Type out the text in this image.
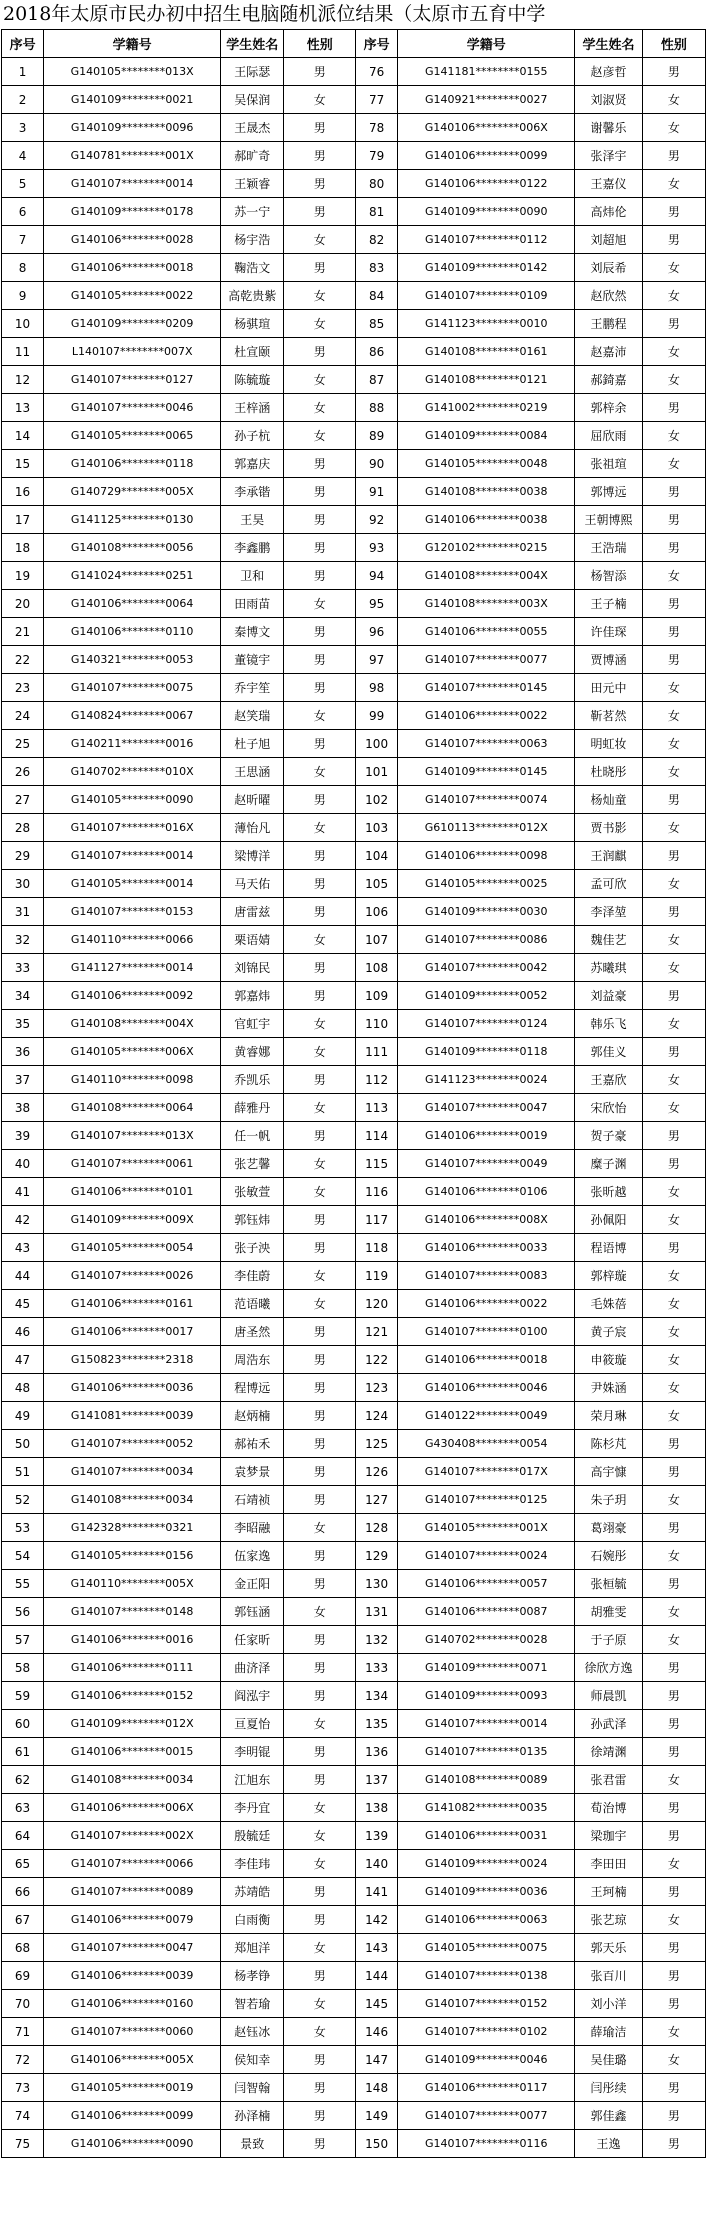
2018年太原市民办初中招生电脑随机派位结果（太原市五育中学
序号	学籍号	学生姓名	性别	序号	学籍号	学生姓名	性别
1	G140105********013X	王际瑟	男	76	G141181********0155	赵彦哲	男
2	G140109********0021	吴保润	女	77	G140921********0027	刘淑贤	女
3	G140109********0096	王晟杰	男	78	G140106********006X	谢馨乐	女
4	G140781********001X	郝旷奇	男	79	G140106********0099	张泽宇	男
5	G140107********0014	王颖睿	男	80	G140106********0122	王嘉仪	女
6	G140109********0178	苏一宁	男	81	G140109********0090	高炜伦	男
7	G140106********0028	杨宇浩	女	82	G140107********0112	刘超旭	男
8	G140106********0018	鞠浩文	男	83	G140109********0142	刘辰希	女
9	G140105********0022	高乾贵紫	女	84	G140107********0109	赵欣然	女
10	G140109********0209	杨骐瑄	女	85	G141123********0010	王鹏程	男
11	L140107********007X	杜宣颐	男	86	G140108********0161	赵嘉沛	女
12	G140107********0127	陈毓璇	女	87	G140108********0121	郝錡嘉	女
13	G140107********0046	王梓涵	女	88	G141002********0219	郭梓余	男
14	G140105********0065	孙子杭	女	89	G140109********0084	屈欣雨	女
15	G140106********0118	郭嘉庆	男	90	G140105********0048	张祖瑄	女
16	G140729********005X	李承锴	男	91	G140108********0038	郭博远	男
17	G141125********0130	王昊	男	92	G140106********0038	王朝博熙	男
18	G140108********0056	李鑫鹏	男	93	G120102********0215	王浩瑞	男
19	G141024********0251	卫和	男	94	G140108********004X	杨智添	女
20	G140106********0064	田雨苗	女	95	G140108********003X	王子楠	男
21	G140106********0110	秦博文	男	96	G140106********0055	许佳琛	男
22	G140321********0053	董镜宇	男	97	G140107********0077	贾博涵	男
23	G140107********0075	乔宇笙	男	98	G140107********0145	田元中	女
24	G140824********0067	赵笑瑞	女	99	G140106********0022	靳茗然	女
25	G140211********0016	杜子旭	男	100	G140107********0063	明虹妆	女
26	G140702********010X	王思涵	女	101	G140109********0145	杜晓彤	女
27	G140105********0090	赵昕曜	男	102	G140107********0074	杨灿童	男
28	G140107********016X	薄怡凡	女	103	G610113********012X	贾书影	女
29	G140107********0014	梁博洋	男	104	G140106********0098	王润麒	男
30	G140105********0014	马天佑	男	105	G140105********0025	孟可欣	女
31	G140107********0153	唐雷兹	男	106	G140109********0030	李泽堃	男
32	G140110********0066	栗语婧	女	107	G140107********0086	魏佳艺	女
33	G141127********0014	刘锦民	男	108	G140107********0042	苏曦琪	女
34	G140106********0092	郭嘉炜	男	109	G140109********0052	刘益豪	男
35	G140108********004X	官虹宇	女	110	G140107********0124	韩乐飞	女
36	G140105********006X	黄睿娜	女	111	G140109********0118	郭佳义	男
37	G140110********0098	乔凯乐	男	112	G141123********0024	王嘉欣	女
38	G140108********0064	薛雅丹	女	113	G140107********0047	宋欣怡	女
39	G140107********013X	任一帆	男	114	G140106********0019	贺子豪	男
40	G140107********0061	张艺馨	女	115	G140107********0049	糜子渊	男
41	G140106********0101	张敏萱	女	116	G140106********0106	张昕越	女
42	G140109********009X	郭钰炜	男	117	G140106********008X	孙佩阳	女
43	G140105********0054	张子泱	男	118	G140106********0033	程语博	男
44	G140107********0026	李佳蔚	女	119	G140107********0083	郭梓璇	女
45	G140106********0161	范语曦	女	120	G140106********0022	毛姝蓓	女
46	G140106********0017	唐圣然	男	121	G140107********0100	黄子宸	女
47	G150823********2318	周浩东	男	122	G140106********0018	申筱璇	女
48	G140106********0036	程博远	男	123	G140106********0046	尹姝涵	女
49	G141081********0039	赵炳楠	男	124	G140122********0049	荣月琳	女
50	G140107********0052	郝祐禾	男	125	G430408********0054	陈杉芃	男
51	G140107********0034	袁梦景	男	126	G140107********017X	高宇慷	男
52	G140108********0034	石靖祯	男	127	G140107********0125	朱子玥	女
53	G142328********0321	李昭融	女	128	G140105********001X	葛翊豪	男
54	G140105********0156	伍家逸	男	129	G140107********0024	石婉彤	女
55	G140110********005X	金正阳	男	130	G140106********0057	张桓毓	男
56	G140107********0148	郭钰涵	女	131	G140106********0087	胡雅雯	女
57	G140106********0016	任家昕	男	132	G140702********0028	于子原	女
58	G140106********0111	曲济泽	男	133	G140109********0071	徐欣方逸	男
59	G140106********0152	阎泓宇	男	134	G140109********0093	师晨凯	男
60	G140109********012X	亘夏怡	女	135	G140107********0014	孙武泽	男
61	G140106********0015	李明锟	男	136	G140107********0135	徐靖渊	男
62	G140108********0034	江旭东	男	137	G140108********0089	张君雷	女
63	G140106********006X	李丹宜	女	138	G141082********0035	荀治博	男
64	G140107********002X	殷毓廷	女	139	G140106********0031	梁珈宇	男
65	G140107********0066	李佳玮	女	140	G140109********0024	李田田	女
66	G140107********0089	苏靖皓	男	141	G140109********0036	王珂楠	男
67	G140106********0079	白雨衡	男	142	G140106********0063	张艺琼	女
68	G140107********0047	郑旭洋	女	143	G140105********0075	郭天乐	男
69	G140106********0039	杨孝铮	男	144	G140107********0138	张百川	男
70	G140106********0160	智若瑜	女	145	G140107********0152	刘小洋	男
71	G140107********0060	赵钰冰	女	146	G140107********0102	薛瑜洁	女
72	G140106********005X	侯知幸	男	147	G140109********0046	吴佳璐	女
73	G140105********0019	闫智翰	男	148	G140106********0117	闫彤续	男
74	G140106********0099	孙泽楠	男	149	G140107********0077	郭佳鑫	男
75	G140106********0090	景致	男	150	G140107********0116	王逸	男
